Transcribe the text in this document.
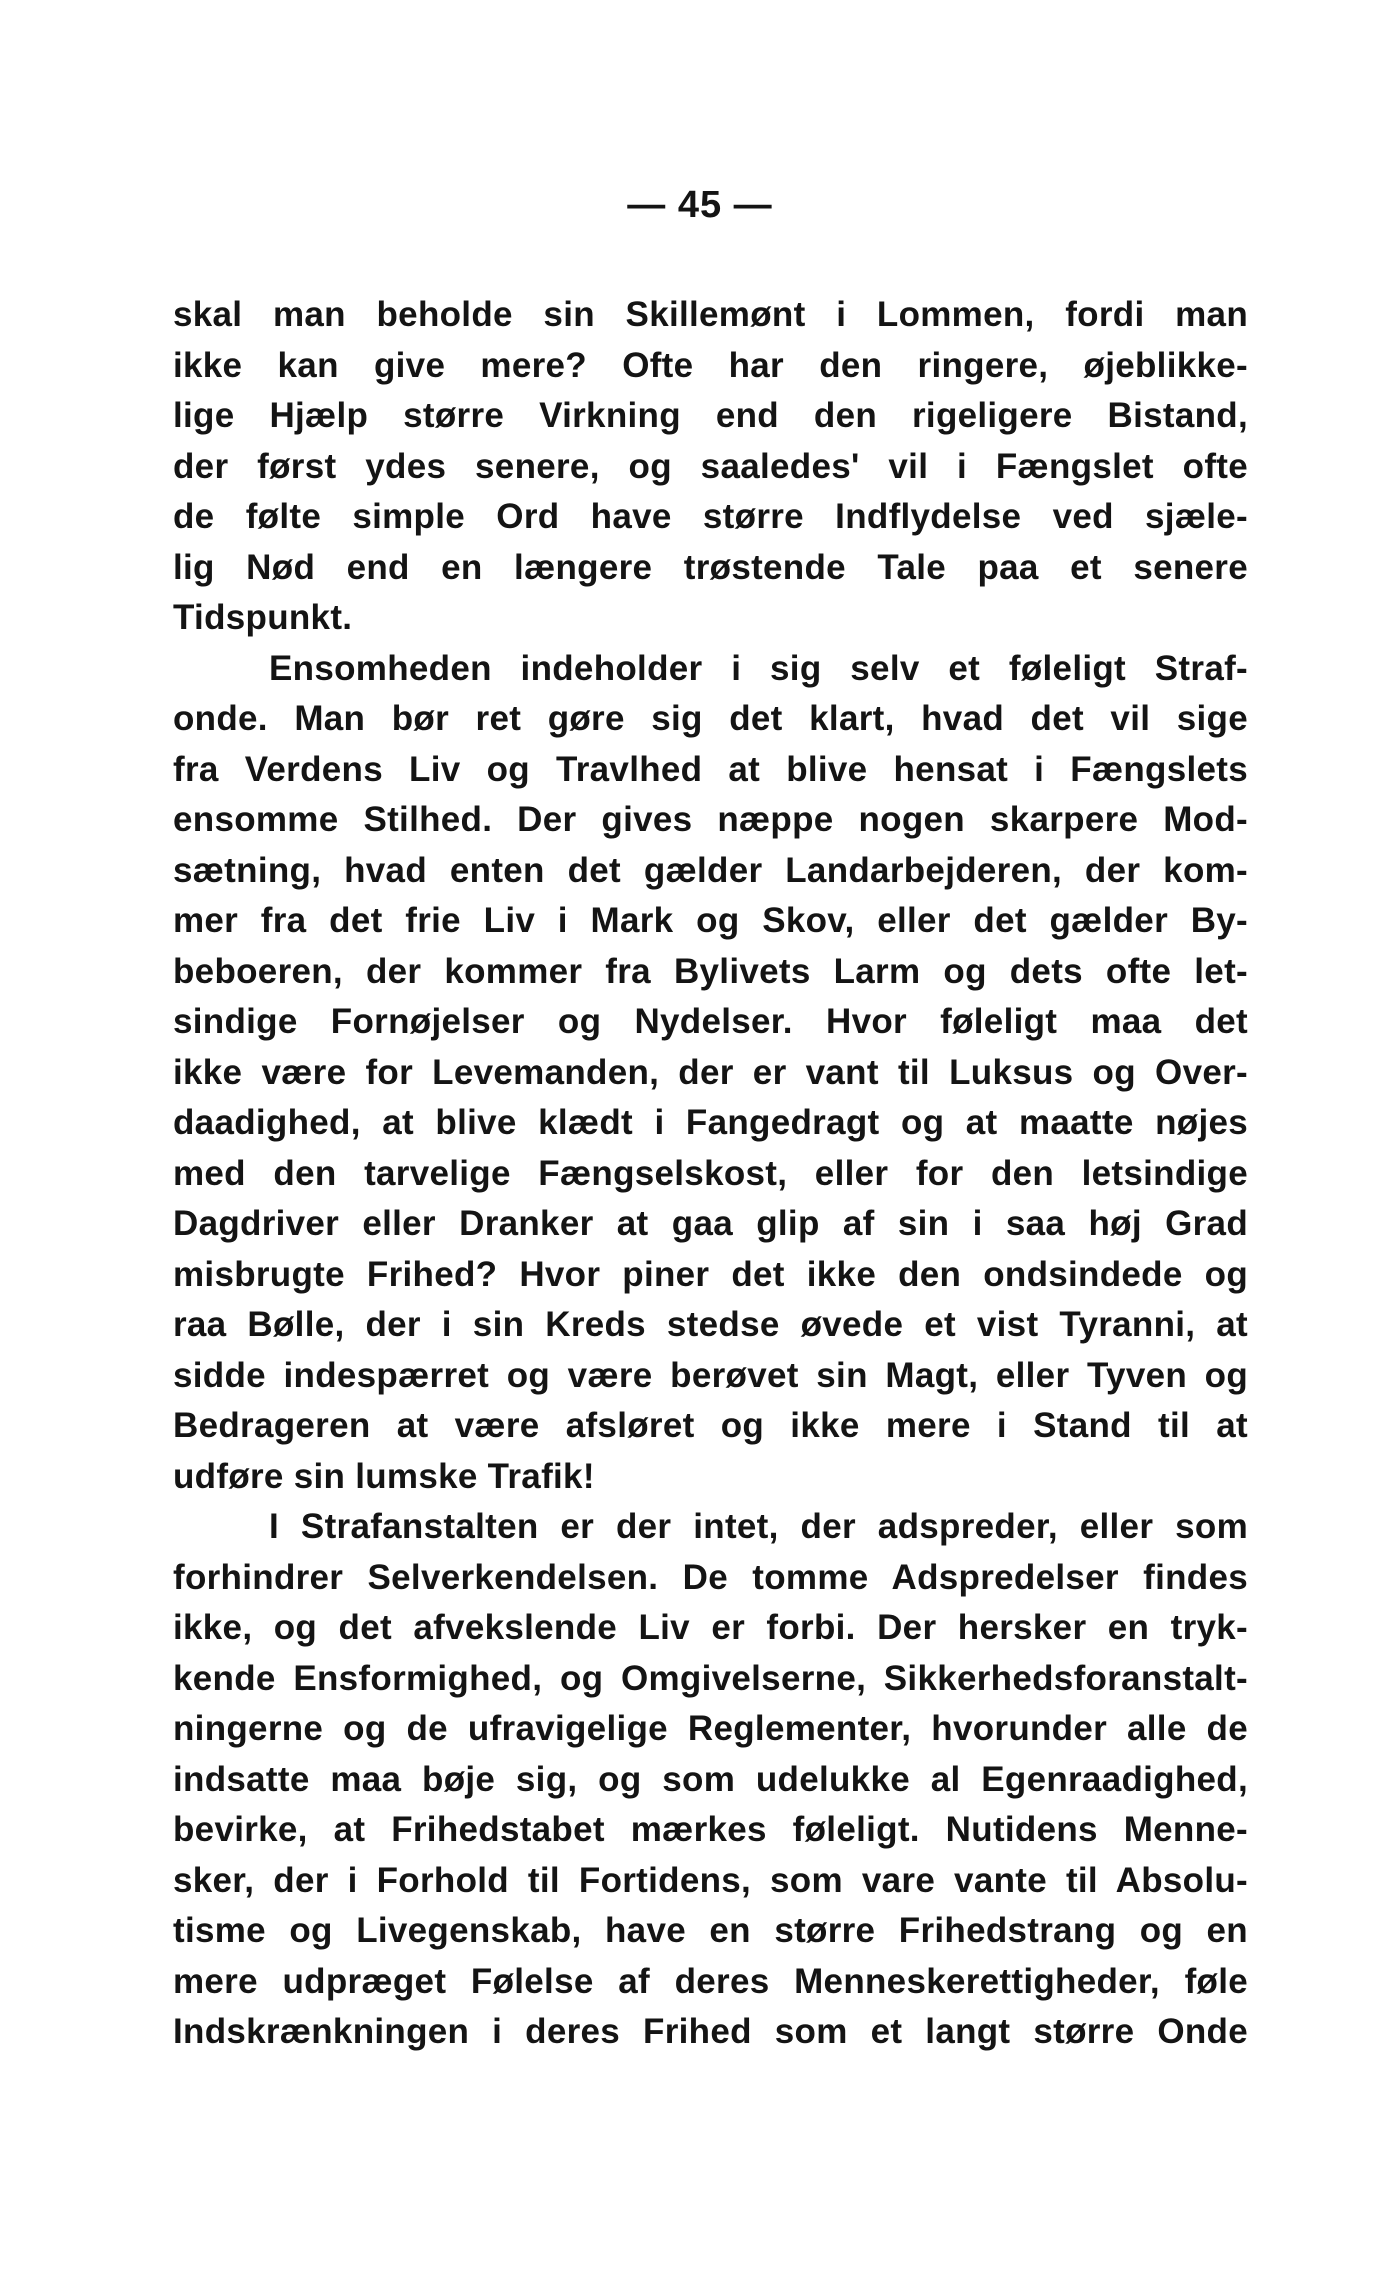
— 45 —
skal man beholde sin Skillemønt i Lommen, fordi man
ikke kan give mere? Ofte har den ringere, øjeblikke-
lige Hjælp større Virkning end den rigeligere Bistand,
der først ydes senere, og saaledes' vil i Fængslet ofte
de følte simple Ord have større Indflydelse ved sjæle-
lig Nød end en længere trøstende Tale paa et senere
Tidspunkt.
Ensomheden indeholder i sig selv et føleligt Straf-
onde. Man bør ret gøre sig det klart, hvad det vil sige
fra Verdens Liv og Travlhed at blive hensat i Fængslets
ensomme Stilhed. Der gives næppe nogen skarpere Mod-
sætning, hvad enten det gælder Landarbejderen, der kom-
mer fra det frie Liv i Mark og Skov, eller det gælder By-
beboeren, der kommer fra Bylivets Larm og dets ofte let-
sindige Fornøjelser og Nydelser. Hvor føleligt maa det
ikke være for Levemanden, der er vant til Luksus og Over-
daadighed, at blive klædt i Fangedragt og at maatte nøjes
med den tarvelige Fængselskost, eller for den letsindige
Dagdriver eller Dranker at gaa glip af sin i saa høj Grad
misbrugte Frihed? Hvor piner det ikke den ondsindede og
raa Bølle, der i sin Kreds stedse øvede et vist Tyranni, at
sidde indespærret og være berøvet sin Magt, eller Tyven og
Bedrageren at være afsløret og ikke mere i Stand til at
udføre sin lumske Trafik!
I Strafanstalten er der intet, der adspreder, eller som
forhindrer Selverkendelsen. De tomme Adspredelser findes
ikke, og det afvekslende Liv er forbi. Der hersker en tryk-
kende Ensformighed, og Omgivelserne, Sikkerhedsforanstalt-
ningerne og de ufravigelige Reglementer, hvorunder alle de
indsatte maa bøje sig, og som udelukke al Egenraadighed,
bevirke, at Frihedstabet mærkes føleligt. Nutidens Menne-
sker, der i Forhold til Fortidens, som vare vante til Absolu-
tisme og Livegenskab, have en større Frihedstrang og en
mere udpræget Følelse af deres Menneskerettigheder, føle
Indskrænkningen i deres Frihed som et langt større Onde
